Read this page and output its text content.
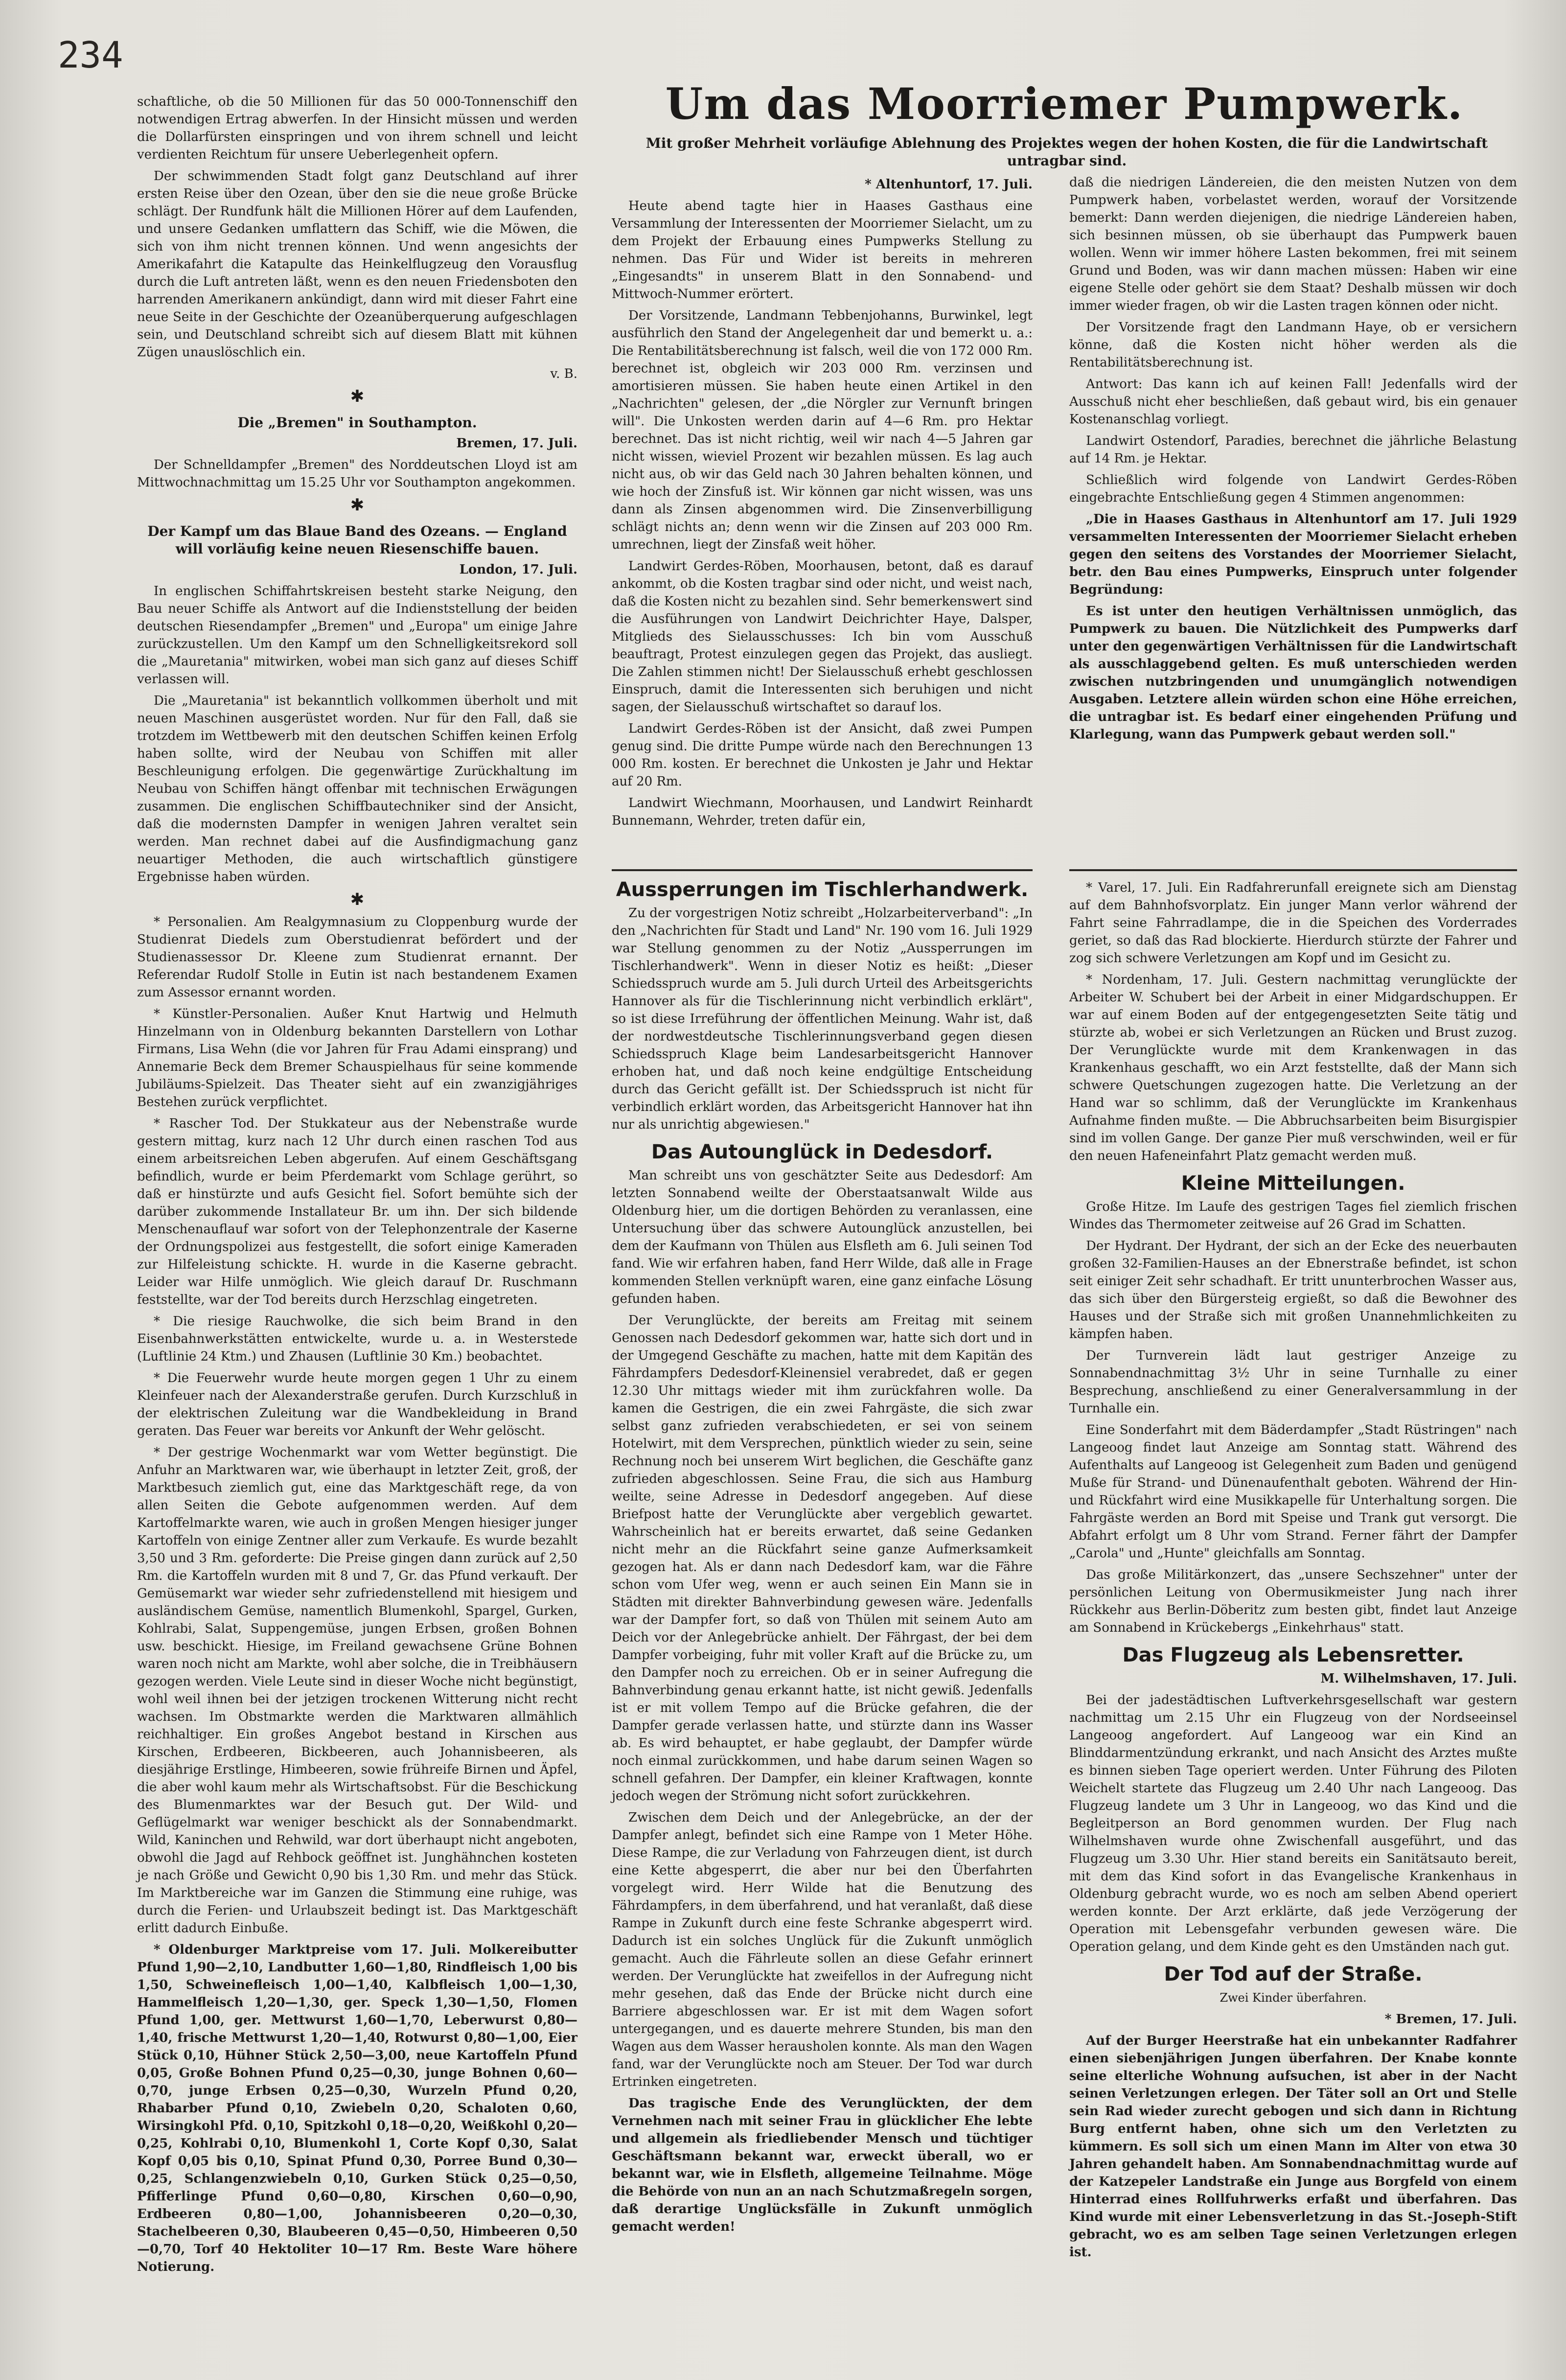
234

schaftliche, ob die 50 Millionen für das 50 000-Tonnenschiff den notwendigen Ertrag abwerfen. In der Hinsicht müssen und werden die Dollarfürsten einspringen und von ihrem schnell und leicht verdienten Reichtum für unsere Ueberlegenheit opfern.

Der schwimmenden Stadt folgt ganz Deutschland auf ihrer ersten Reise über den Ozean, über den sie die neue große Brücke schlägt. Der Rundfunk hält die Millionen Hörer auf dem Laufenden, und unsere Gedanken umflattern das Schiff, wie die Möwen, die sich von ihm nicht trennen können. Und wenn angesichts der Amerikafahrt die Katapulte das Heinkelflugzeug den Vorausflug durch die Luft antreten läßt, wenn es den neuen Friedensboten den harrenden Amerikanern ankündigt, dann wird mit dieser Fahrt eine neue Seite in der Geschichte der Ozeanüberquerung aufgeschlagen sein, und Deutschland schreibt sich auf diesem Blatt mit kühnen Zügen unauslöschlich ein.

v. B.
✱
Die „Bremen" in Southampton.
Bremen, 17. Juli.

Der Schnelldampfer „Bremen" des Norddeutschen Lloyd ist am Mittwochnachmittag um 15.25 Uhr vor Southampton angekommen.

✱
Der Kampf um das Blaue Band des Ozeans. — England will vorläufig keine neuen Riesenschiffe bauen.
London, 17. Juli.

In englischen Schiffahrtskreisen besteht starke Neigung, den Bau neuer Schiffe als Antwort auf die Indienststellung der beiden deutschen Riesendampfer „Bremen" und „Europa" um einige Jahre zurückzustellen. Um den Kampf um den Schnelligkeitsrekord soll die „Mauretania" mitwirken, wobei man sich ganz auf dieses Schiff verlassen will.

Die „Mauretania" ist bekanntlich vollkommen überholt und mit neuen Maschinen ausgerüstet worden. Nur für den Fall, daß sie trotzdem im Wettbewerb mit den deutschen Schiffen keinen Erfolg haben sollte, wird der Neubau von Schiffen mit aller Beschleunigung erfolgen. Die gegenwärtige Zurückhaltung im Neubau von Schiffen hängt offenbar mit technischen Erwägungen zusammen. Die englischen Schiffbautechniker sind der Ansicht, daß die modernsten Dampfer in wenigen Jahren veraltet sein werden. Man rechnet dabei auf die Ausfindigmachung ganz neuartiger Methoden, die auch wirtschaftlich günstigere Ergebnisse haben würden.

✱

* Personalien. Am Realgymnasium zu Cloppenburg wurde der Studienrat Diedels zum Oberstudienrat befördert und der Studienassessor Dr. Kleene zum Studienrat ernannt. Der Referendar Rudolf Stolle in Eutin ist nach bestandenem Examen zum Assessor ernannt worden.

* Künstler-Personalien. Außer Knut Hartwig und Helmuth Hinzelmann von in Oldenburg bekannten Darstellern von Lothar Firmans, Lisa Wehn (die vor Jahren für Frau Adami einsprang) und Annemarie Beck dem Bremer Schauspielhaus für seine kommende Jubiläums-Spielzeit. Das Theater sieht auf ein zwanzigjähriges Bestehen zurück verpflichtet.

* Rascher Tod. Der Stukkateur aus der Nebenstraße wurde gestern mittag, kurz nach 12 Uhr durch einen raschen Tod aus einem arbeitsreichen Leben abgerufen. Auf einem Geschäftsgang befindlich, wurde er beim Pferdemarkt vom Schlage gerührt, so daß er hinstürzte und aufs Gesicht fiel. Sofort bemühte sich der darüber zukommende Installateur Br. um ihn. Der sich bildende Menschenauflauf war sofort von der Telephonzentrale der Kaserne der Ordnungspolizei aus festgestellt, die sofort einige Kameraden zur Hilfeleistung schickte. H. wurde in die Kaserne gebracht. Leider war Hilfe unmöglich. Wie gleich darauf Dr. Ruschmann feststellte, war der Tod bereits durch Herzschlag eingetreten.

* Die riesige Rauchwolke, die sich beim Brand in den Eisenbahnwerkstätten entwickelte, wurde u. a. in Westerstede (Luftlinie 24 Ktm.) und Zhausen (Luftlinie 30 Km.) beobachtet.

* Die Feuerwehr wurde heute morgen gegen 1 Uhr zu einem Kleinfeuer nach der Alexanderstraße gerufen. Durch Kurzschluß in der elektrischen Zuleitung war die Wandbekleidung in Brand geraten. Das Feuer war bereits vor Ankunft der Wehr gelöscht.

* Der gestrige Wochenmarkt war vom Wetter begünstigt. Die Anfuhr an Marktwaren war, wie überhaupt in letzter Zeit, groß, der Marktbesuch ziemlich gut, eine das Marktgeschäft rege, da von allen Seiten die Gebote aufgenommen werden. Auf dem Kartoffelmarkte waren, wie auch in großen Mengen hiesiger junger Kartoffeln von einige Zentner aller zum Verkaufe. Es wurde bezahlt 3,50 und 3 Rm. geforderte: Die Preise gingen dann zurück auf 2,50 Rm. die Kartoffeln wurden mit 8 und 7, Gr. das Pfund verkauft. Der Gemüsemarkt war wieder sehr zufriedenstellend mit hiesigem und ausländischem Gemüse, namentlich Blumenkohl, Spargel, Gurken, Kohlrabi, Salat, Suppengemüse, jungen Erbsen, großen Bohnen usw. beschickt. Hiesige, im Freiland gewachsene Grüne Bohnen waren noch nicht am Markte, wohl aber solche, die in Treibhäusern gezogen werden. Viele Leute sind in dieser Woche nicht begünstigt, wohl weil ihnen bei der jetzigen trockenen Witterung nicht recht wachsen. Im Obstmarkte werden die Marktwaren allmählich reichhaltiger. Ein großes Angebot bestand in Kirschen aus Kirschen, Erdbeeren, Bickbeeren, auch Johannisbeeren, als diesjährige Erstlinge, Himbeeren, sowie frühreife Birnen und Äpfel, die aber wohl kaum mehr als Wirtschaftsobst. Für die Beschickung des Blumenmarktes war der Besuch gut. Der Wild- und Geflügelmarkt war weniger beschickt als der Sonnabendmarkt. Wild, Kaninchen und Rehwild, war dort überhaupt nicht angeboten, obwohl die Jagd auf Rehbock geöffnet ist. Junghähnchen kosteten je nach Größe und Gewicht 0,90 bis 1,30 Rm. und mehr das Stück. Im Marktbereiche war im Ganzen die Stimmung eine ruhige, was durch die Ferien- und Urlaubszeit bedingt ist. Das Marktgeschäft erlitt dadurch Einbuße.

* Oldenburger Marktpreise vom 17. Juli. Molkereibutter Pfund 1,90—2,10, Landbutter 1,60—1,80, Rindfleisch 1,00 bis 1,50, Schweinefleisch 1,00—1,40, Kalbfleisch 1,00—1,30, Hammelfleisch 1,20—1,30, ger. Speck 1,30—1,50, Flomen Pfund 1,00, ger. Mettwurst 1,60—1,70, Leberwurst 0,80—1,40, frische Mettwurst 1,20—1,40, Rotwurst 0,80—1,00, Eier Stück 0,10, Hühner Stück 2,50—3,00, neue Kartoffeln Pfund 0,05, Große Bohnen Pfund 0,25—0,30, junge Bohnen 0,60—0,70, junge Erbsen 0,25—0,30, Wurzeln Pfund 0,20, Rhabarber Pfund 0,10, Zwiebeln 0,20, Schaloten 0,60, Wirsingkohl Pfd. 0,10, Spitzkohl 0,18—0,20, Weißkohl 0,20—0,25, Kohlrabi 0,10, Blumenkohl 1, Corte Kopf 0,30, Salat Kopf 0,05 bis 0,10, Spinat Pfund 0,30, Porree Bund 0,30—0,25, Schlangenzwiebeln 0,10, Gurken Stück 0,25—0,50, Pfifferlinge Pfund 0,60—0,80, Kirschen 0,60—0,90, Erdbeeren 0,80—1,00, Johannisbeeren 0,20—0,30, Stachelbeeren 0,30, Blaubeeren 0,45—0,50, Himbeeren 0,50—0,70, Torf 40 Hektoliter 10—17 Rm. Beste Ware höhere Notierung.

Um das Moorriemer Pumpwerk.
Mit großer Mehrheit vorläufige Ablehnung des Projektes wegen der hohen Kosten, die für die Landwirtschaft untragbar sind.
* Altenhuntorf, 17. Juli.

Heute abend tagte hier in Haases Gasthaus eine Versammlung der Interessenten der Moorriemer Sielacht, um zu dem Projekt der Erbauung eines Pumpwerks Stellung zu nehmen. Das Für und Wider ist bereits in mehreren „Eingesandts" in unserem Blatt in den Sonnabend- und Mittwoch-Nummer erörtert.

Der Vorsitzende, Landmann Tebbenjohanns, Burwinkel, legt ausführlich den Stand der Angelegenheit dar und bemerkt u. a.: Die Rentabilitätsberechnung ist falsch, weil die von 172 000 Rm. berechnet ist, obgleich wir 203 000 Rm. verzinsen und amortisieren müssen. Sie haben heute einen Artikel in den „Nachrichten" gelesen, der „die Nörgler zur Vernunft bringen will". Die Unkosten werden darin auf 4—6 Rm. pro Hektar berechnet. Das ist nicht richtig, weil wir nach 4—5 Jahren gar nicht wissen, wieviel Prozent wir bezahlen müssen. Es lag auch nicht aus, ob wir das Geld nach 30 Jahren behalten können, und wie hoch der Zinsfuß ist. Wir können gar nicht wissen, was uns dann als Zinsen abgenommen wird. Die Zinsenverbilligung schlägt nichts an; denn wenn wir die Zinsen auf 203 000 Rm. umrechnen, liegt der Zinsfaß weit höher.

Landwirt Gerdes-Röben, Moorhausen, betont, daß es darauf ankommt, ob die Kosten tragbar sind oder nicht, und weist nach, daß die Kosten nicht zu bezahlen sind. Sehr bemerkenswert sind die Ausführungen von Landwirt Deichrichter Haye, Dalsper, Mitglieds des Sielausschusses: Ich bin vom Ausschuß beauftragt, Protest einzulegen gegen das Projekt, das ausliegt. Die Zahlen stimmen nicht! Der Sielausschuß erhebt geschlossen Einspruch, damit die Interessenten sich beruhigen und nicht sagen, der Sielausschuß wirtschaftet so darauf los.

Landwirt Gerdes-Röben ist der Ansicht, daß zwei Pumpen genug sind. Die dritte Pumpe würde nach den Berechnungen 13 000 Rm. kosten. Er berechnet die Unkosten je Jahr und Hektar auf 20 Rm.

Landwirt Wiechmann, Moorhausen, und Landwirt Reinhardt Bunnemann, Wehrder, treten dafür ein,

daß die niedrigen Ländereien, die den meisten Nutzen von dem Pumpwerk haben, vorbelastet werden, worauf der Vorsitzende bemerkt: Dann werden diejenigen, die niedrige Ländereien haben, sich besinnen müssen, ob sie überhaupt das Pumpwerk bauen wollen. Wenn wir immer höhere Lasten bekommen, frei mit seinem Grund und Boden, was wir dann machen müssen: Haben wir eine eigene Stelle oder gehört sie dem Staat? Deshalb müssen wir doch immer wieder fragen, ob wir die Lasten tragen können oder nicht.

Der Vorsitzende fragt den Landmann Haye, ob er versichern könne, daß die Kosten nicht höher werden als die Rentabilitätsberechnung ist.

Antwort: Das kann ich auf keinen Fall! Jedenfalls wird der Ausschuß nicht eher beschließen, daß gebaut wird, bis ein genauer Kostenanschlag vorliegt.

Landwirt Ostendorf, Paradies, berechnet die jährliche Belastung auf 14 Rm. je Hektar.

Schließlich wird folgende von Landwirt Gerdes-Röben eingebrachte Entschließung gegen 4 Stimmen angenommen:

„Die in Haases Gasthaus in Altenhuntorf am 17. Juli 1929 versammelten Interessenten der Moorriemer Sielacht erheben gegen den seitens des Vorstandes der Moorriemer Sielacht, betr. den Bau eines Pumpwerks, Einspruch unter folgender Begründung:

Es ist unter den heutigen Verhältnissen unmöglich, das Pumpwerk zu bauen. Die Nützlichkeit des Pumpwerks darf unter den gegenwärtigen Verhältnissen für die Landwirtschaft als ausschlaggebend gelten. Es muß unterschieden werden zwischen nutzbringenden und unumgänglich notwendigen Ausgaben. Letztere allein würden schon eine Höhe erreichen, die untragbar ist. Es bedarf einer eingehenden Prüfung und Klarlegung, wann das Pumpwerk gebaut werden soll."

Aussperrungen im Tischlerhandwerk.

Zu der vorgestrigen Notiz schreibt „Holzarbeiterverband": „In den „Nachrichten für Stadt und Land" Nr. 190 vom 16. Juli 1929 war Stellung genommen zu der Notiz „Aussperrungen im Tischlerhandwerk". Wenn in dieser Notiz es heißt: „Dieser Schiedsspruch wurde am 5. Juli durch Urteil des Arbeitsgerichts Hannover als für die Tischlerinnung nicht verbindlich erklärt", so ist diese Irreführung der öffentlichen Meinung. Wahr ist, daß der nordwestdeutsche Tischlerinnungsverband gegen diesen Schiedsspruch Klage beim Landesarbeitsgericht Hannover erhoben hat, und daß noch keine endgültige Entscheidung durch das Gericht gefällt ist. Der Schiedsspruch ist nicht für verbindlich erklärt worden, das Arbeitsgericht Hannover hat ihn nur als unrichtig abgewiesen."

Das Autounglück in Dedesdorf.

Man schreibt uns von geschätzter Seite aus Dedesdorf: Am letzten Sonnabend weilte der Oberstaatsanwalt Wilde aus Oldenburg hier, um die dortigen Behörden zu veranlassen, eine Untersuchung über das schwere Autounglück anzustellen, bei dem der Kaufmann von Thülen aus Elsfleth am 6. Juli seinen Tod fand. Wie wir erfahren haben, fand Herr Wilde, daß alle in Frage kommenden Stellen verknüpft waren, eine ganz einfache Lösung gefunden haben.

Der Verunglückte, der bereits am Freitag mit seinem Genossen nach Dedesdorf gekommen war, hatte sich dort und in der Umgegend Geschäfte zu machen, hatte mit dem Kapitän des Fährdampfers Dedesdorf-Kleinensiel verabredet, daß er gegen 12.30 Uhr mittags wieder mit ihm zurückfahren wolle. Da kamen die Gestrigen, die ein zwei Fahrgäste, die sich zwar selbst ganz zufrieden verabschiedeten, er sei von seinem Hotelwirt, mit dem Versprechen, pünktlich wieder zu sein, seine Rechnung noch bei unserem Wirt beglichen, die Geschäfte ganz zufrieden abgeschlossen. Seine Frau, die sich aus Hamburg weilte, seine Adresse in Dedesdorf angegeben. Auf diese Briefpost hatte der Verunglückte aber vergeblich gewartet. Wahrscheinlich hat er bereits erwartet, daß seine Gedanken nicht mehr an die Rückfahrt seine ganze Aufmerksamkeit gezogen hat. Als er dann nach Dedesdorf kam, war die Fähre schon vom Ufer weg, wenn er auch seinen Ein Mann sie in Städten mit direkter Bahnverbindung gewesen wäre. Jedenfalls war der Dampfer fort, so daß von Thülen mit seinem Auto am Deich vor der Anlegebrücke anhielt. Der Fährgast, der bei dem Dampfer vorbeiging, fuhr mit voller Kraft auf die Brücke zu, um den Dampfer noch zu erreichen. Ob er in seiner Aufregung die Bahnverbindung genau erkannt hatte, ist nicht gewiß. Jedenfalls ist er mit vollem Tempo auf die Brücke gefahren, die der Dampfer gerade verlassen hatte, und stürzte dann ins Wasser ab. Es wird behauptet, er habe geglaubt, der Dampfer würde noch einmal zurückkommen, und habe darum seinen Wagen so schnell gefahren. Der Dampfer, ein kleiner Kraftwagen, konnte jedoch wegen der Strömung nicht sofort zurückkehren.

Zwischen dem Deich und der Anlegebrücke, an der der Dampfer anlegt, befindet sich eine Rampe von 1 Meter Höhe. Diese Rampe, die zur Verladung von Fahrzeugen dient, ist durch eine Kette abgesperrt, die aber nur bei den Überfahrten vorgelegt wird. Herr Wilde hat die Benutzung des Fährdampfers, in dem überfahrend, und hat veranlaßt, daß diese Rampe in Zukunft durch eine feste Schranke abgesperrt wird. Dadurch ist ein solches Unglück für die Zukunft unmöglich gemacht. Auch die Fährleute sollen an diese Gefahr erinnert werden. Der Verunglückte hat zweifellos in der Aufregung nicht mehr gesehen, daß das Ende der Brücke nicht durch eine Barriere abgeschlossen war. Er ist mit dem Wagen sofort untergegangen, und es dauerte mehrere Stunden, bis man den Wagen aus dem Wasser herausholen konnte. Als man den Wagen fand, war der Verunglückte noch am Steuer. Der Tod war durch Ertrinken eingetreten.

Das tragische Ende des Verunglückten, der dem Vernehmen nach mit seiner Frau in glücklicher Ehe lebte und allgemein als friedliebender Mensch und tüchtiger Geschäftsmann bekannt war, erweckt überall, wo er bekannt war, wie in Elsfleth, allgemeine Teilnahme. Möge die Behörde von nun an an nach Schutzmaßregeln sorgen, daß derartige Unglücksfälle in Zukunft unmöglich gemacht werden!

* Varel, 17. Juli. Ein Radfahrerunfall ereignete sich am Dienstag auf dem Bahnhofsvorplatz. Ein junger Mann verlor während der Fahrt seine Fahrradlampe, die in die Speichen des Vorderrades geriet, so daß das Rad blockierte. Hierdurch stürzte der Fahrer und zog sich schwere Verletzungen am Kopf und im Gesicht zu.

* Nordenham, 17. Juli. Gestern nachmittag verunglückte der Arbeiter W. Schubert bei der Arbeit in einer Midgardschuppen. Er war auf einem Boden auf der entgegengesetzten Seite tätig und stürzte ab, wobei er sich Verletzungen an Rücken und Brust zuzog. Der Verunglückte wurde mit dem Krankenwagen in das Krankenhaus geschafft, wo ein Arzt feststellte, daß der Mann sich schwere Quetschungen zugezogen hatte. Die Verletzung an der Hand war so schlimm, daß der Verunglückte im Krankenhaus Aufnahme finden mußte. — Die Abbruchsarbeiten beim Bisurgispier sind im vollen Gange. Der ganze Pier muß verschwinden, weil er für den neuen Hafeneinfahrt Platz gemacht werden muß.

Kleine Mitteilungen.

Große Hitze. Im Laufe des gestrigen Tages fiel ziemlich frischen Windes das Thermometer zeitweise auf 26 Grad im Schatten.

Der Hydrant. Der Hydrant, der sich an der Ecke des neuerbauten großen 32-Familien-Hauses an der Ebnerstraße befindet, ist schon seit einiger Zeit sehr schadhaft. Er tritt ununterbrochen Wasser aus, das sich über den Bürgersteig ergießt, so daß die Bewohner des Hauses und der Straße sich mit großen Unannehmlichkeiten zu kämpfen haben.

Der Turnverein lädt laut gestriger Anzeige zu Sonnabendnachmittag 3½ Uhr in seine Turnhalle zu einer Besprechung, anschließend zu einer Generalversammlung in der Turnhalle ein.

Eine Sonderfahrt mit dem Bäderdampfer „Stadt Rüstringen" nach Langeoog findet laut Anzeige am Sonntag statt. Während des Aufenthalts auf Langeoog ist Gelegenheit zum Baden und genügend Muße für Strand- und Dünenaufenthalt geboten. Während der Hin- und Rückfahrt wird eine Musikkapelle für Unterhaltung sorgen. Die Fahrgäste werden an Bord mit Speise und Trank gut versorgt. Die Abfahrt erfolgt um 8 Uhr vom Strand. Ferner fährt der Dampfer „Carola" und „Hunte" gleichfalls am Sonntag.

Das große Militärkonzert, das „unsere Sechszehner" unter der persönlichen Leitung von Obermusikmeister Jung nach ihrer Rückkehr aus Berlin-Döberitz zum besten gibt, findet laut Anzeige am Sonnabend in Krückebergs „Einkehrhaus" statt.

Das Flugzeug als Lebensretter.
M. Wilhelmshaven, 17. Juli.

Bei der jadestädtischen Luftverkehrsgesellschaft war gestern nachmittag um 2.15 Uhr ein Flugzeug von der Nordseeinsel Langeoog angefordert. Auf Langeoog war ein Kind an Blinddarmentzündung erkrankt, und nach Ansicht des Arztes mußte es binnen sieben Tage operiert werden. Unter Führung des Piloten Weichelt startete das Flugzeug um 2.40 Uhr nach Langeoog. Das Flugzeug landete um 3 Uhr in Langeoog, wo das Kind und die Begleitperson an Bord genommen wurden. Der Flug nach Wilhelmshaven wurde ohne Zwischenfall ausgeführt, und das Flugzeug um 3.30 Uhr. Hier stand bereits ein Sanitätsauto bereit, mit dem das Kind sofort in das Evangelische Krankenhaus in Oldenburg gebracht wurde, wo es noch am selben Abend operiert werden konnte. Der Arzt erklärte, daß jede Verzögerung der Operation mit Lebensgefahr verbunden gewesen wäre. Die Operation gelang, und dem Kinde geht es den Umständen nach gut.

Der Tod auf der Straße.
Zwei Kinder überfahren.
* Bremen, 17. Juli.

Auf der Burger Heerstraße hat ein unbekannter Radfahrer einen siebenjährigen Jungen überfahren. Der Knabe konnte seine elterliche Wohnung aufsuchen, ist aber in der Nacht seinen Verletzungen erlegen. Der Täter soll an Ort und Stelle sein Rad wieder zurecht gebogen und sich dann in Richtung Burg entfernt haben, ohne sich um den Verletzten zu kümmern. Es soll sich um einen Mann im Alter von etwa 30 Jahren gehandelt haben. Am Sonnabendnachmittag wurde auf der Katzepeler Landstraße ein Junge aus Borgfeld von einem Hinterrad eines Rollfuhrwerks erfaßt und überfahren. Das Kind wurde mit einer Lebensverletzung in das St.-Joseph-Stift gebracht, wo es am selben Tage seinen Verletzungen erlegen ist.
